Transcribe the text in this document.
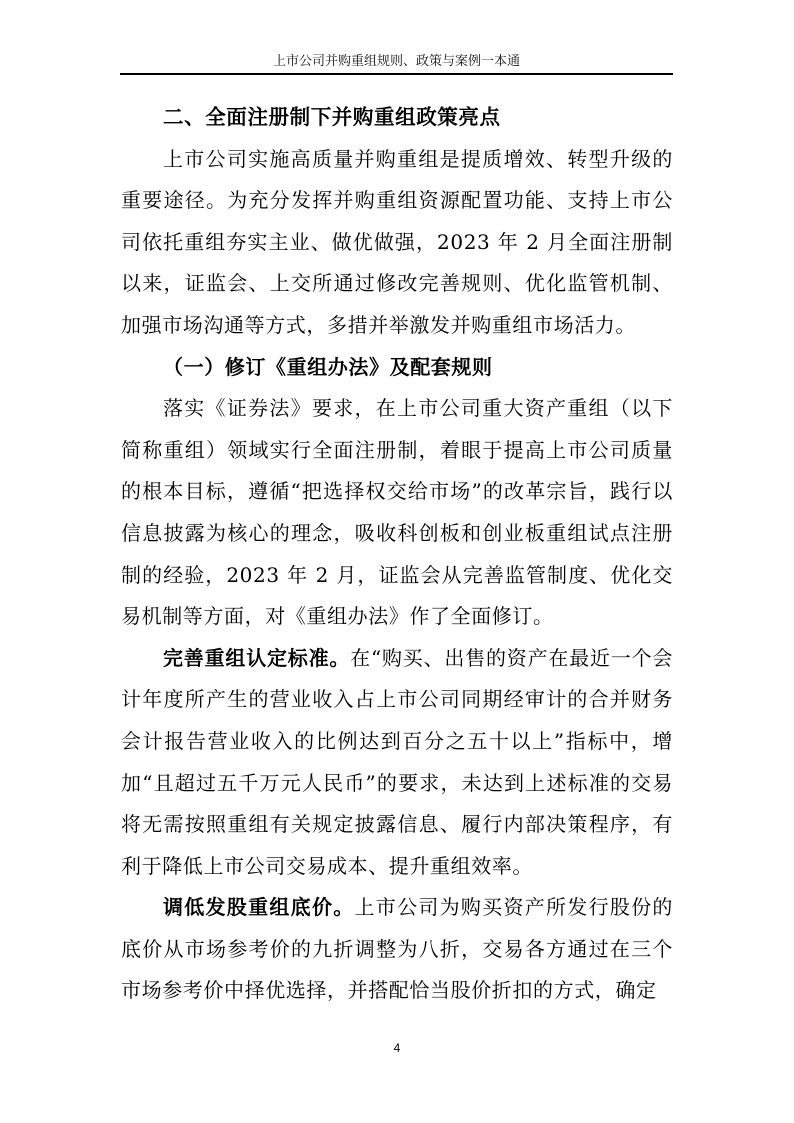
上市公司并购重组规则、政策与案例一本通

二、全面注册制下并购重组政策亮点

上市公司实施高质量并购重组是提质增效、转型升级的重要途径。为充分发挥并购重组资源配置功能、支持上市公司依托重组夯实主业、做优做强，2023 年 2 月全面注册制以来，证监会、上交所通过修改完善规则、优化监管机制、加强市场沟通等方式，多措并举激发并购重组市场活力。

（一）修订《重组办法》及配套规则

落实《证券法》要求，在上市公司重大资产重组（以下简称重组）领域实行全面注册制，着眼于提高上市公司质量的根本目标，遵循“把选择权交给市场”的改革宗旨，践行以信息披露为核心的理念，吸收科创板和创业板重组试点注册制的经验，2023 年 2 月，证监会从完善监管制度、优化交易机制等方面，对《重组办法》作了全面修订。

完善重组认定标准。在“购买、出售的资产在最近一个会计年度所产生的营业收入占上市公司同期经审计的合并财务会计报告营业收入的比例达到百分之五十以上”指标中，增加“且超过五千万元人民币”的要求，未达到上述标准的交易将无需按照重组有关规定披露信息、履行内部决策程序，有利于降低上市公司交易成本、提升重组效率。

调低发股重组底价。上市公司为购买资产所发行股份的底价从市场参考价的九折调整为八折，交易各方通过在三个市场参考价中择优选择，并搭配恰当股价折扣的方式，确定

4
